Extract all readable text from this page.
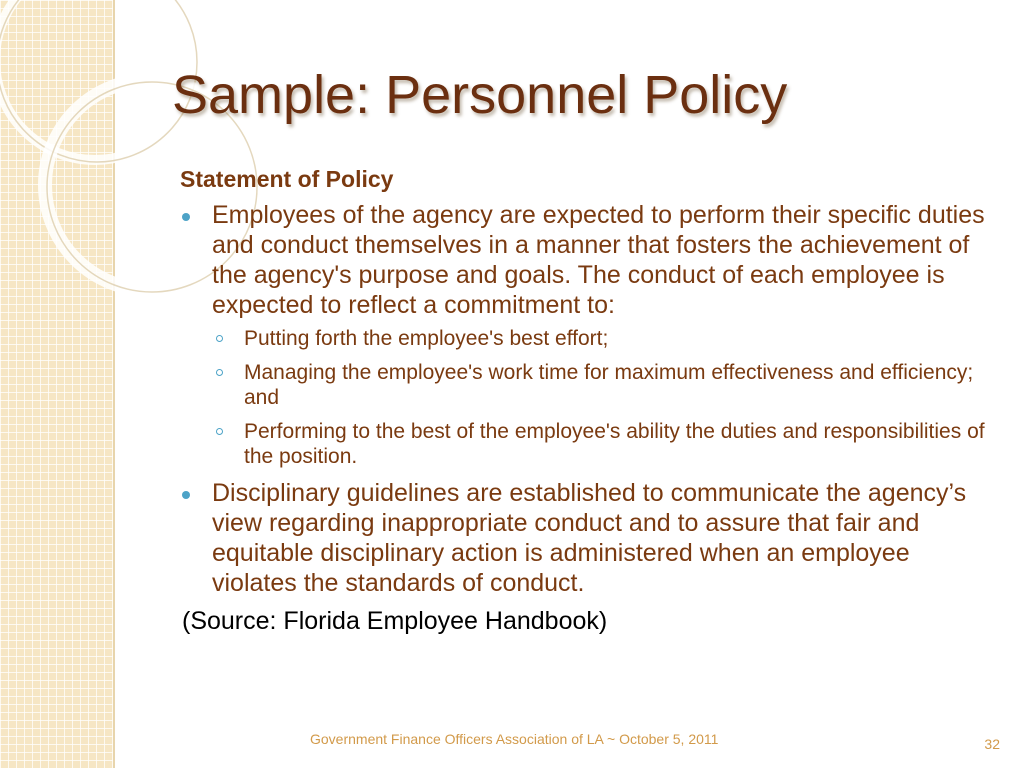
Sample: Personnel Policy
Statement of Policy
Employees of the agency are expected to perform their specific duties and conduct themselves in a manner that fosters the achievement of the agency's purpose and goals. The conduct of each employee is expected to reflect a commitment to:
Putting forth the employee's best effort;
Managing the employee's work time for maximum effectiveness and efficiency; and
Performing to the best of the employee's ability the duties and responsibilities of the position.
Disciplinary guidelines are established to communicate the agency’s view regarding inappropriate conduct and to assure that fair and equitable disciplinary action is administered when an employee violates the standards of conduct.
(Source: Florida Employee Handbook)
Government Finance Officers Association of LA ~ October 5, 2011	32
